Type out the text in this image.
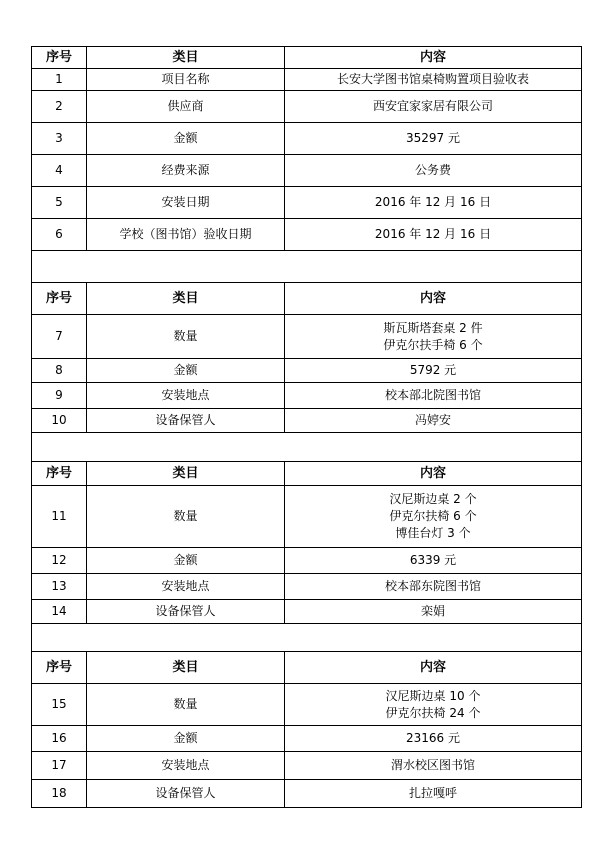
序号	类目	内容
1	项目名称	长安大学图书馆桌椅购置项目验收表

2	供应商	西安宜家家居有限公司

3	金额	35297 元

4	经费来源	公务费

5	安装日期	2016 年 12 月 16 日

6	学校（图书馆）验收日期	2016 年 12 月 16 日

序号	类目	内容
7	数量	斯瓦斯塔套桌 2 件
伊克尔扶手椅 6 个

8	金额	5792 元

9	安装地点	校本部北院图书馆

10	设备保管人	冯婷安

序号	类目	内容
11	数量	汉尼斯边桌 2 个
伊克尔扶椅 6 个
博佳台灯 3 个

12	金额	6339 元

13	安装地点	校本部东院图书馆

14	设备保管人	栾娟

序号	类目	内容
15	数量	汉尼斯边桌 10 个
伊克尔扶椅 24 个

16	金额	23166 元

17	安装地点	渭水校区图书馆

18	设备保管人	扎拉嘎呼
